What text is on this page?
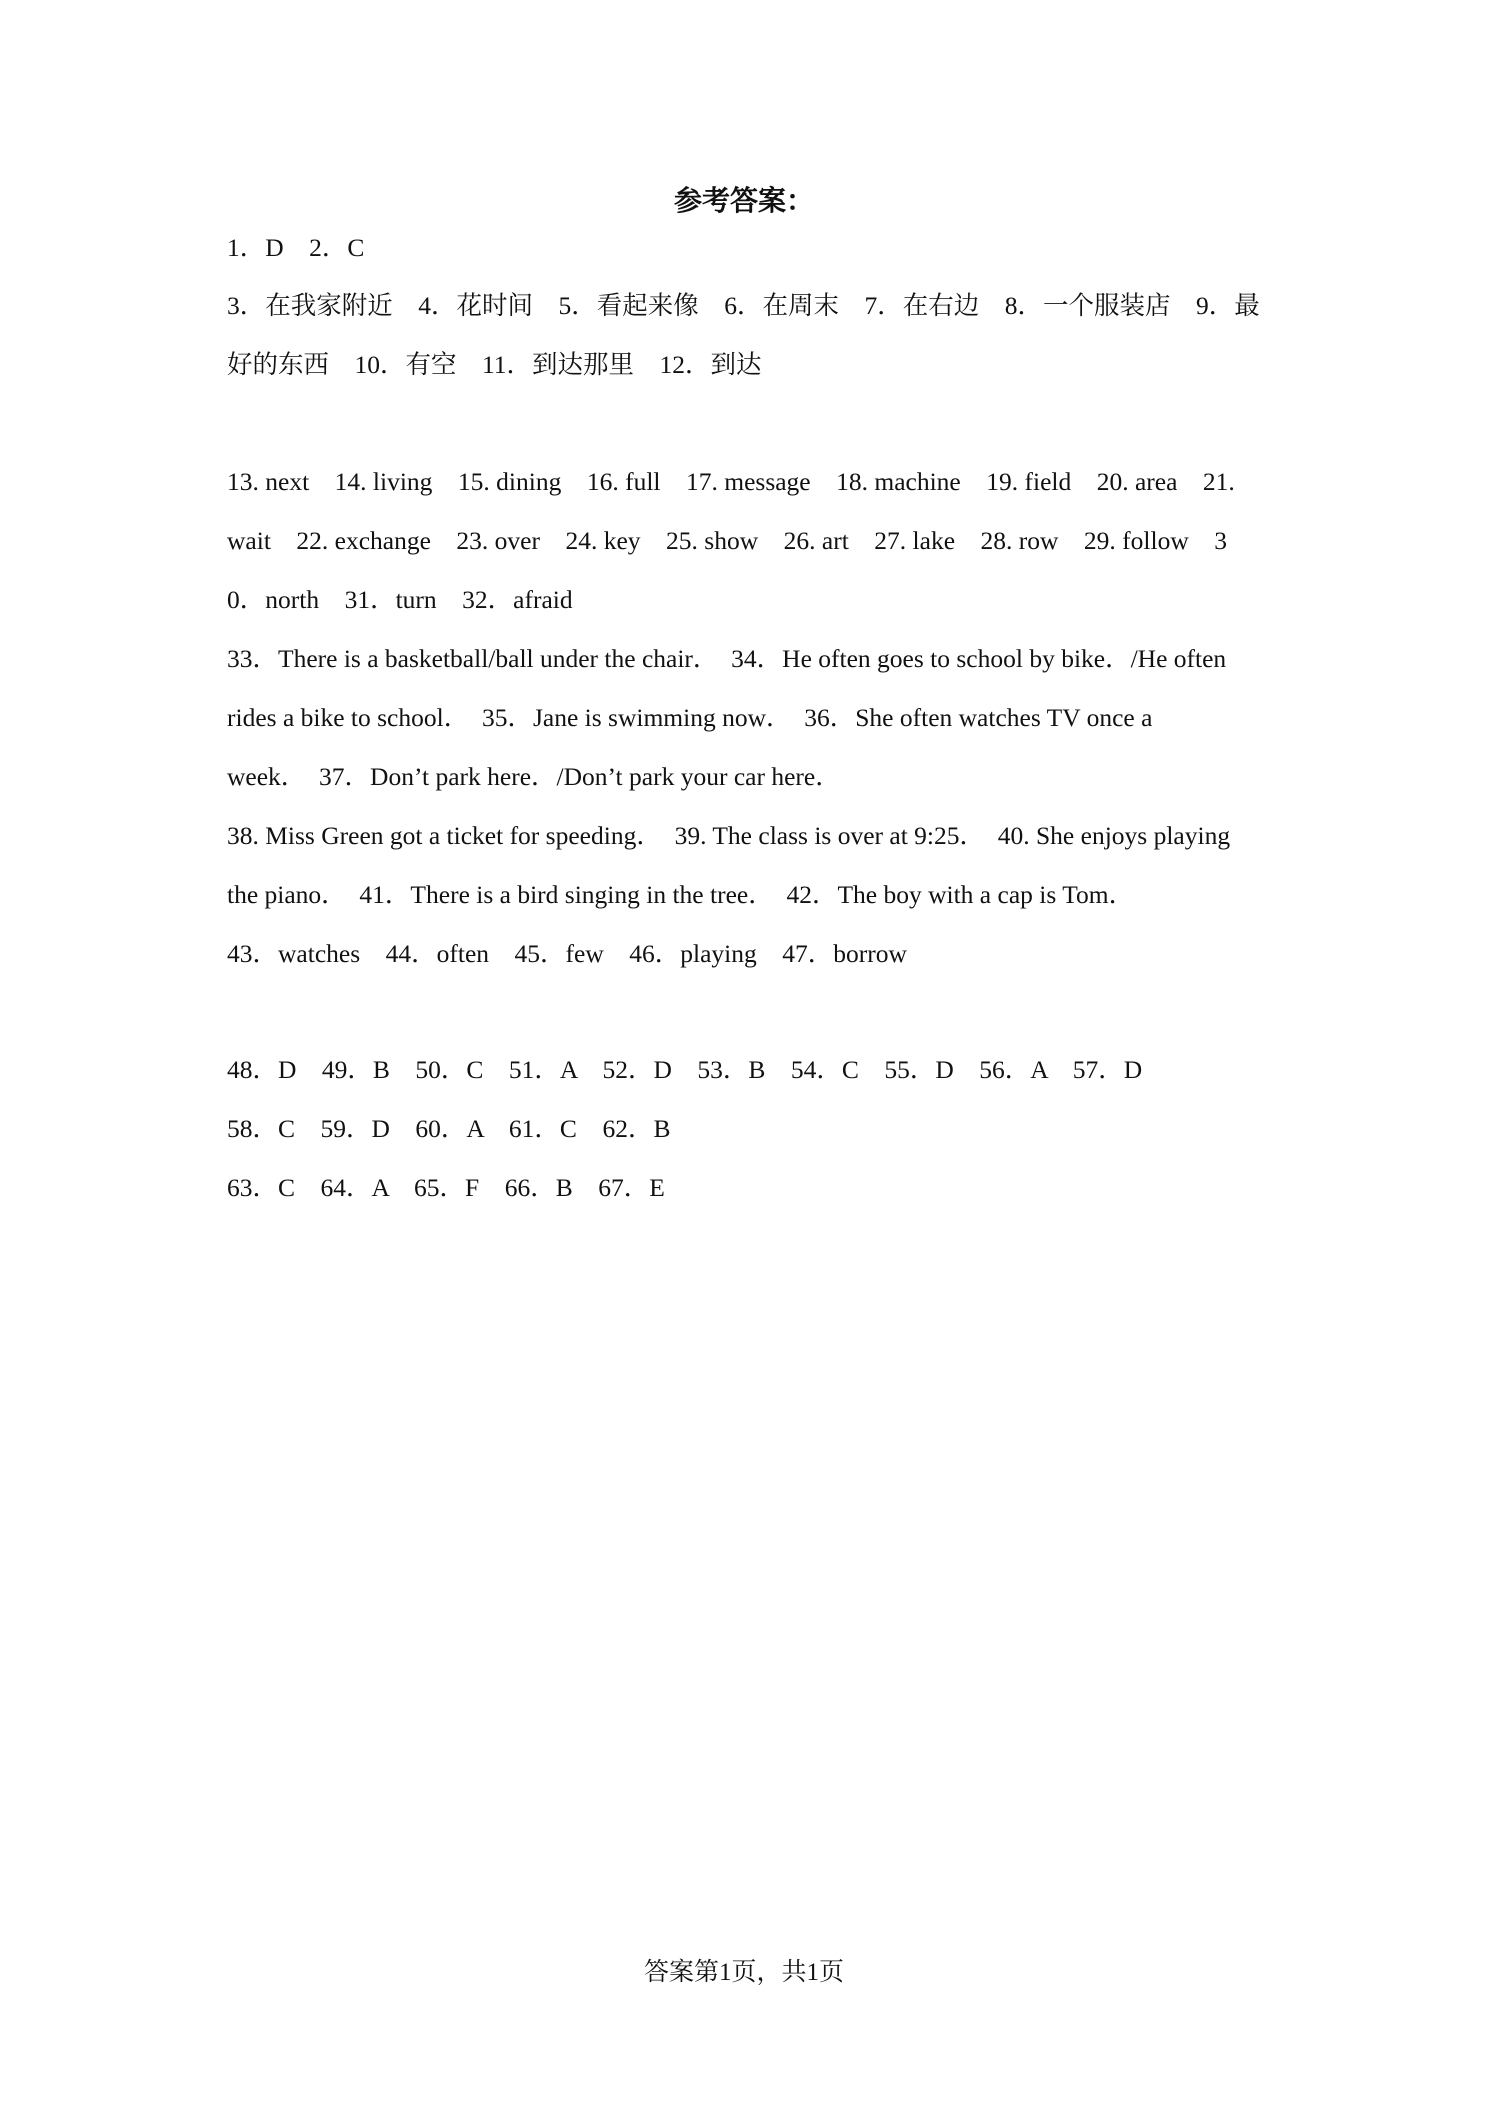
参考答案：
1．D　2．C
3．在我家附近　4．花时间　5．看起来像　6．在周末　7．在右边　8．一个服装店　9．最
好的东西　10．有空　11．到达那里　12．到达
13. next　14. living　15. dining　16. full　17. message　18. machine　19. field　20. area　21.
wait　22. exchange　23. over　24. key　25. show　26. art　27. lake　28. row　29. follow　3
0．north　31．turn　32．afraid
33．There is a basketball/ball under the chair．　34．He often goes to school by bike．/He often
rides a bike to school．　35．Jane is swimming now．　36．She often watches TV once a
week．　37．Don’t park here．/Don’t park your car here．
38. Miss Green got a ticket for speeding．　39. The class is over at 9:25．　40. She enjoys playing
the piano．　41．There is a bird singing in the tree．　42．The boy with a cap is Tom．
43．watches　44．often　45．few　46．playing　47．borrow
48．D　49．B　50．C　51．A　52．D　53．B　54．C　55．D　56．A　57．D
58．C　59．D　60．A　61．C　62．B
63．C　64．A　65．F　66．B　67．E
答案第1页，共1页
